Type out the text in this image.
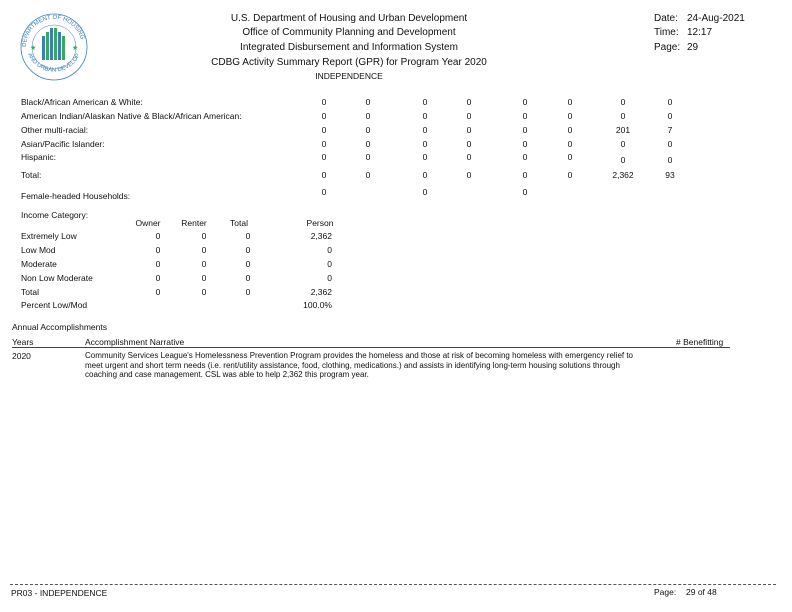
DEPARTMENT OF HOUSING
AND URBAN DEVELOP
★	★
U.S. Department of Housing and Urban Development
Office of Community Planning and Development
Integrated Disbursement and Information System
CDBG Activity Summary Report (GPR) for Program Year 2020
INDEPENDENCE
Date: 24-Aug-2021
Time: 12:17
Page: 29
Black/African American & White:	0	0	0	0	0	0	0	0
American Indian/Alaskan Native & Black/African American:	0	0	0	0	0	0	0	0
Other multi-racial:	0	0	0	0	0	0	201	7
Asian/Pacific Islander:	0	0	0	0	0	0	0	0
Hispanic:	0	0	0	0	0	0	0	0
Total:	0	0	0	0	0	0	2,362	93
Female-headed Households:	0	0	0
Income Category:
Owner Renter	Total	Person
Extremely Low	0	0	0	2,362
Low Mod	0	0	0	0
Moderate	0	0	0	0
Non Low Moderate	0	0	0	0
Total	0	0	0	2,362
Percent Low/Mod	100.0%
Annual Accomplishments
Years	Accomplishment Narrative	# Benefitting
2020	Community Services League's Homelessness Prevention Program provides the homeless and those at risk of becoming homeless with emergency relief to meet urgent and short term needs (i.e. rent/utility assistance, food, clothing, medications.) and assists in identifying long-term housing solutions through coaching and case management. CSL was able to help 2,362 this program year.
PR03 - INDEPENDENCE	Page: 29 of 48
